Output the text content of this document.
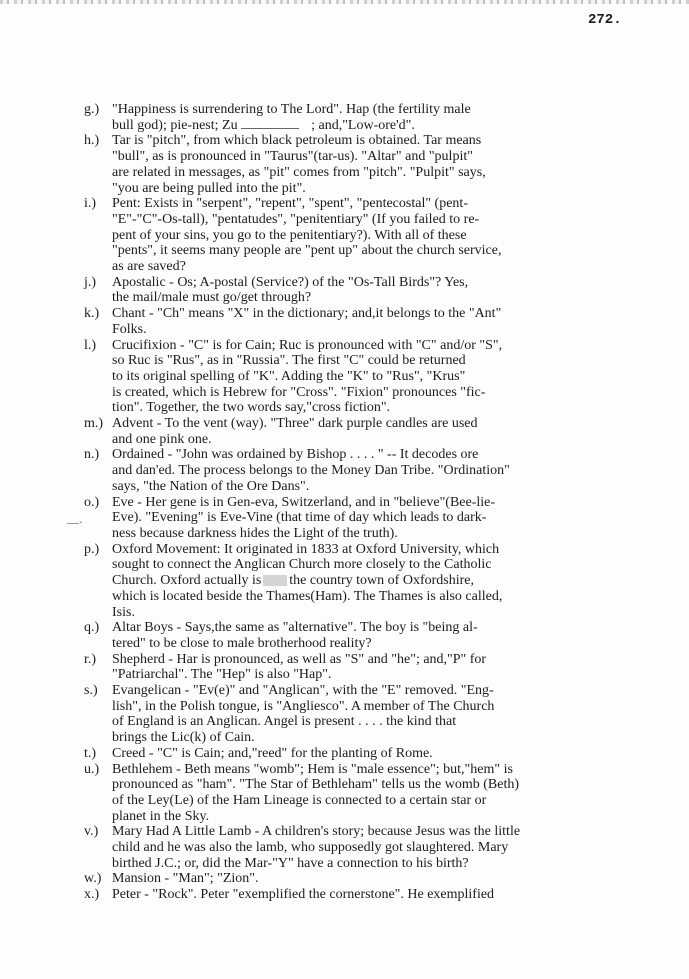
272.
—·
g.) "Happiness is surrendering to The Lord". Hap (the fertility male
bull god); pie-nest; Zu	; and,"Low-ore'd".
h.) Tar is "pitch", from which black petroleum is obtained. Tar means
"bull", as is pronounced in "Taurus"(tar-us). "Altar" and "pulpit"
are related in messages, as "pit" comes from "pitch". "Pulpit" says,
"you are being pulled into the pit".
i.)	Pent: Exists in "serpent", "repent", "spent", "pentecostal" (pent-
"E"-"C"-Os-tall), "pentatudes", "penitentiary" (If you failed to re-
pent of your sins, you go to the penitentiary?). With all of these
"pents", it seems many people are "pent up" about the church service,
as are saved?
j.)	Apostalic - Os; A-postal (Service?) of the "Os-Tall Birds"? Yes,
the mail/male must go/get through?
k.) Chant - "Ch" means "X" in the dictionary; and,it belongs to the "Ant"
Folks.
l.)	Crucifixion - "C" is for Cain; Ruc is pronounced with "C" and/or "S",
so Ruc is "Rus", as in "Russia". The first "C" could be returned
to its original spelling of "K". Adding the "K" to "Rus", "Krus"
is created, which is Hebrew for "Cross". "Fixion" pronounces "fic-
tion". Together, the two words say,"cross fiction".
m.) Advent - To the vent (way). "Three" dark purple candles are used
and one pink one.
n.) Ordained - "John was ordained by Bishop . . . . " -- It decodes ore
and dan'ed. The process belongs to the Money Dan Tribe. "Ordination"
says, "the Nation of the Ore Dans".
o.) Eve - Her gene is in Gen-eva, Switzerland, and in "believe"(Bee-lie-
Eve). "Evening" is Eve-Vine (that time of day which leads to dark-
ness because darkness hides the Light of the truth).
p.) Oxford Movement: It originated in 1833 at Oxford University, which
sought to connect the Anglican Church more closely to the Catholic
Church. Oxford actually is the country town of Oxfordshire,
which is located beside the Thames(Ham). The Thames is also called,
Isis.
q.) Altar Boys - Says,the same as "alternative". The boy is "being al-
tered" to be close to male brotherhood reality?
r.)	Shepherd - Har is pronounced, as well as "S" and "he"; and,"P" for
"Patriarchal". The "Hep" is also "Hap".
s.)	Evangelican - "Ev(e)" and "Anglican", with the "E" removed. "Eng-
lish", in the Polish tongue, is "Angliesco". A member of The Church
of England is an Anglican. Angel is present . . . . the kind that
brings the Lic(k) of Cain.
t.)	Creed - "C" is Cain; and,"reed" for the planting of Rome.
u.) Bethlehem - Beth means "womb"; Hem is "male essence"; but,"hem" is
pronounced as "ham". "The Star of Bethleham" tells us the womb (Beth)
of the Ley(Le) of the Ham Lineage is connected to a certain star or
planet in the Sky.
v.) Mary Had A Little Lamb - A children's story; because Jesus was the little
child and he was also the lamb, who supposedly got slaughtered. Mary
birthed J.C.; or, did the Mar-"Y" have a connection to his birth?
w.) Mansion - "Man"; "Zion".
x.) Peter - "Rock". Peter "exemplified the cornerstone". He exemplified
